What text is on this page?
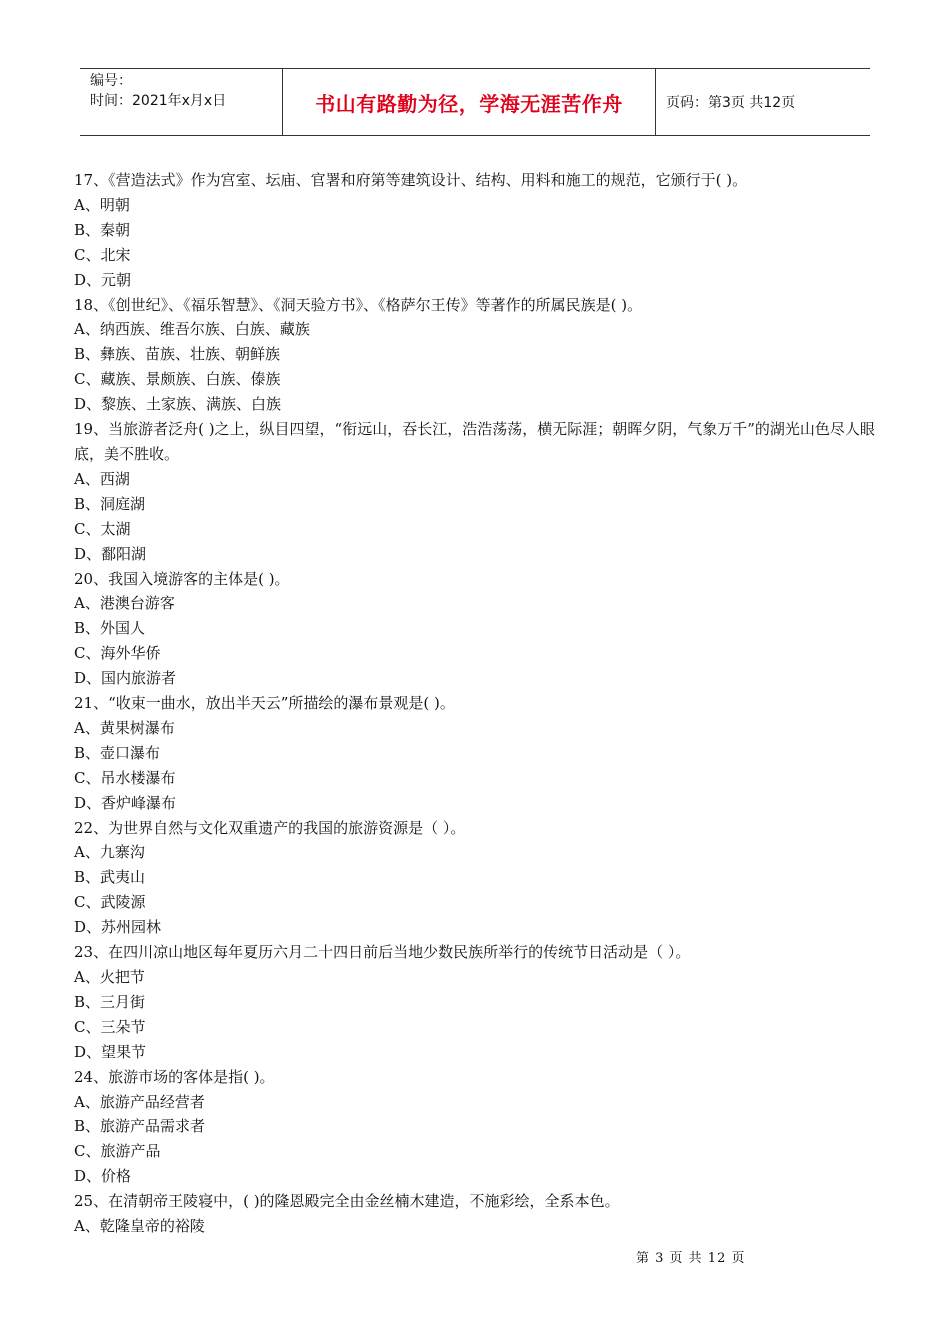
编号：
时间：2021年x月x日	书山有路勤为径，学海无涯苦作舟	页码：第3页 共12页
17、《营造法式》作为宫室、坛庙、官署和府第等建筑设计、结构、用料和施工的规范，它颁行于( )。
A、明朝
B、秦朝
C、北宋
D、元朝
18、《创世纪》、《福乐智慧》、《洞天验方书》、《格萨尔王传》等著作的所属民族是( )。
A、纳西族、维吾尔族、白族、藏族
B、彝族、苗族、壮族、朝鲜族
C、藏族、景颇族、白族、傣族
D、黎族、土家族、满族、白族
19、当旅游者泛舟( )之上，纵目四望，“衔远山，吞长江，浩浩荡荡，横无际涯；朝晖夕阴，气象万千”的湖光山色尽人眼底，美不胜收。
A、西湖
B、洞庭湖
C、太湖
D、鄱阳湖
20、我国入境游客的主体是( )。
A、港澳台游客
B、外国人
C、海外华侨
D、国内旅游者
21、“收束一曲水，放出半天云”所描绘的瀑布景观是( )。
A、黄果树瀑布
B、壶口瀑布
C、吊水楼瀑布
D、香炉峰瀑布
22、为世界自然与文化双重遗产的我国的旅游资源是（ ）。
A、九寨沟
B、武夷山
C、武陵源
D、苏州园林
23、在四川凉山地区每年夏历六月二十四日前后当地少数民族所举行的传统节日活动是（ ）。
A、火把节
B、三月街
C、三朵节
D、望果节
24、旅游市场的客体是指( )。
A、旅游产品经营者
B、旅游产品需求者
C、旅游产品
D、价格
25、在清朝帝王陵寝中，( )的隆恩殿完全由金丝楠木建造，不施彩绘，全系本色。
A、乾隆皇帝的裕陵
第 3 页 共 12 页
